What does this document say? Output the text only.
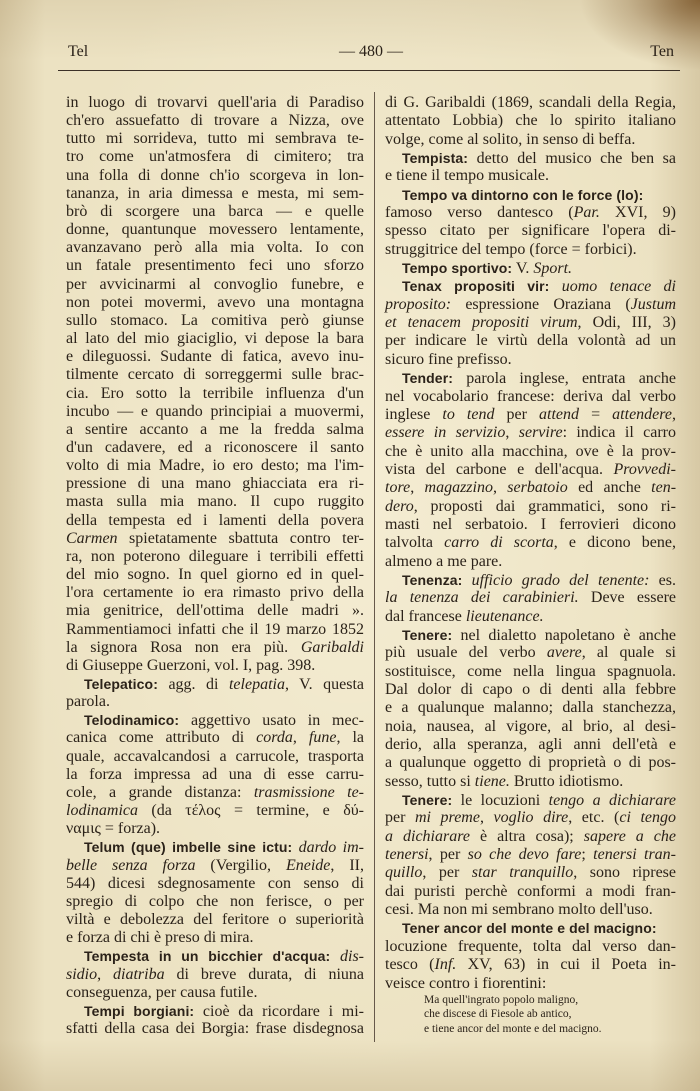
Tel	— 480 —	Ten
in luogo di trovarvi quell'aria di Paradiso
ch'ero assuefatto di trovare a Nizza, ove
tutto mi sorrideva, tutto mi sembrava te-
tro come un'atmosfera di cimitero; tra
una folla di donne ch'io scorgeva in lon-
tananza, in aria dimessa e mesta, mi sem-
brò di scorgere una barca — e quelle
donne, quantunque movessero lentamente,
avanzavano però alla mia volta. Io con
un fatale presentimento feci uno sforzo
per avvicinarmi al convoglio funebre, e
non potei movermi, avevo una montagna
sullo stomaco. La comitiva però giunse
al lato del mio giaciglio, vi depose la bara
e dileguossi. Sudante di fatica, avevo inu-
tilmente cercato di sorreggermi sulle brac-
cia. Ero sotto la terribile influenza d'un
incubo — e quando principiai a muovermi,
a sentire accanto a me la fredda salma
d'un cadavere, ed a riconoscere il santo
volto di mia Madre, io ero desto; ma l'im-
pressione di una mano ghiacciata era ri-
masta sulla mia mano. Il cupo ruggito
della tempesta ed i lamenti della povera
Carmen spietatamente sbattuta contro ter-
ra, non poterono dileguare i terribili effetti
del mio sogno. In quel giorno ed in quel-
l'ora certamente io era rimasto privo della
mia genitrice, dell'ottima delle madri ».
Rammentiamoci infatti che il 19 marzo 1852
la signora Rosa non era più. Garibaldi
di Giuseppe Guerzoni, vol. I, pag. 398.
Telepatico: agg. di telepatia, V. questa
parola.
Telodinamico: aggettivo usato in mec-
canica come attributo di corda, fune, la
quale, accavalcandosi a carrucole, trasporta
la forza impressa ad una di esse carru-
cole, a grande distanza: trasmissione te-
lodinamica (da τέλος = termine, e δύ-
ναμις = forza).
Telum (que) imbelle sine ictu: dardo im-
belle senza forza (Vergilio, Eneide, II,
544) dicesi sdegnosamente con senso di
spregio di colpo che non ferisce, o per
viltà e debolezza del feritore o superiorità
e forza di chi è preso di mira.
Tempesta in un bicchier d'acqua: dis-
sidio, diatriba di breve durata, di niuna
conseguenza, per causa futile.
Tempi borgiani: cioè da ricordare i mi-
sfatti della casa dei Borgia: frase disdegnosa
di G. Garibaldi (1869, scandali della Regia,
attentato Lobbia) che lo spirito italiano
volge, come al solito, in senso di beffa.
Tempista: detto del musico che ben sa
e tiene il tempo musicale.
Tempo va dintorno con le force (lo):
famoso verso dantesco (Par. XVI, 9)
spesso citato per significare l'opera di-
struggitrice del tempo (force = forbici).
Tempo sportivo: V. Sport.
Tenax propositi vir: uomo tenace di
proposito: espressione Oraziana (Justum
et tenacem propositi virum, Odi, III, 3)
per indicare le virtù della volontà ad un
sicuro fine prefisso.
Tender: parola inglese, entrata anche
nel vocabolario francese: deriva dal verbo
inglese to tend per attend = attendere,
essere in servizio, servire: indica il carro
che è unito alla macchina, ove è la prov-
vista del carbone e dell'acqua. Provvedi-
tore, magazzino, serbatoio ed anche ten-
dero, proposti dai grammatici, sono ri-
masti nel serbatoio. I ferrovieri dicono
talvolta carro di scorta, e dicono bene,
almeno a me pare.
Tenenza: ufficio grado del tenente: es.
la tenenza dei carabinieri. Deve essere
dal francese lieutenance.
Tenere: nel dialetto napoletano è anche
più usuale del verbo avere, al quale si
sostituisce, come nella lingua spagnuola.
Dal dolor di capo o di denti alla febbre
e a qualunque malanno; dalla stanchezza,
noia, nausea, al vigore, al brio, al desi-
derio, alla speranza, agli anni dell'età e
a qualunque oggetto di proprietà o di pos-
sesso, tutto si tiene. Brutto idiotismo.
Tenere: le locuzioni tengo a dichiarare
per mi preme, voglio dire, etc. (ci tengo
a dichiarare è altra cosa); sapere a che
tenersi, per so che devo fare; tenersi tran-
quillo, per star tranquillo, sono riprese
dai puristi perchè conformi a modi fran-
cesi. Ma non mi sembrano molto dell'uso.
Tener ancor del monte e del macigno:
locuzione frequente, tolta dal verso dan-
tesco (Inf. XV, 63) in cui il Poeta in-
veisce contro i fiorentini:
Ma quell'ingrato popolo maligno,
che discese di Fiesole ab antico,
e tiene ancor del monte e del macigno.
